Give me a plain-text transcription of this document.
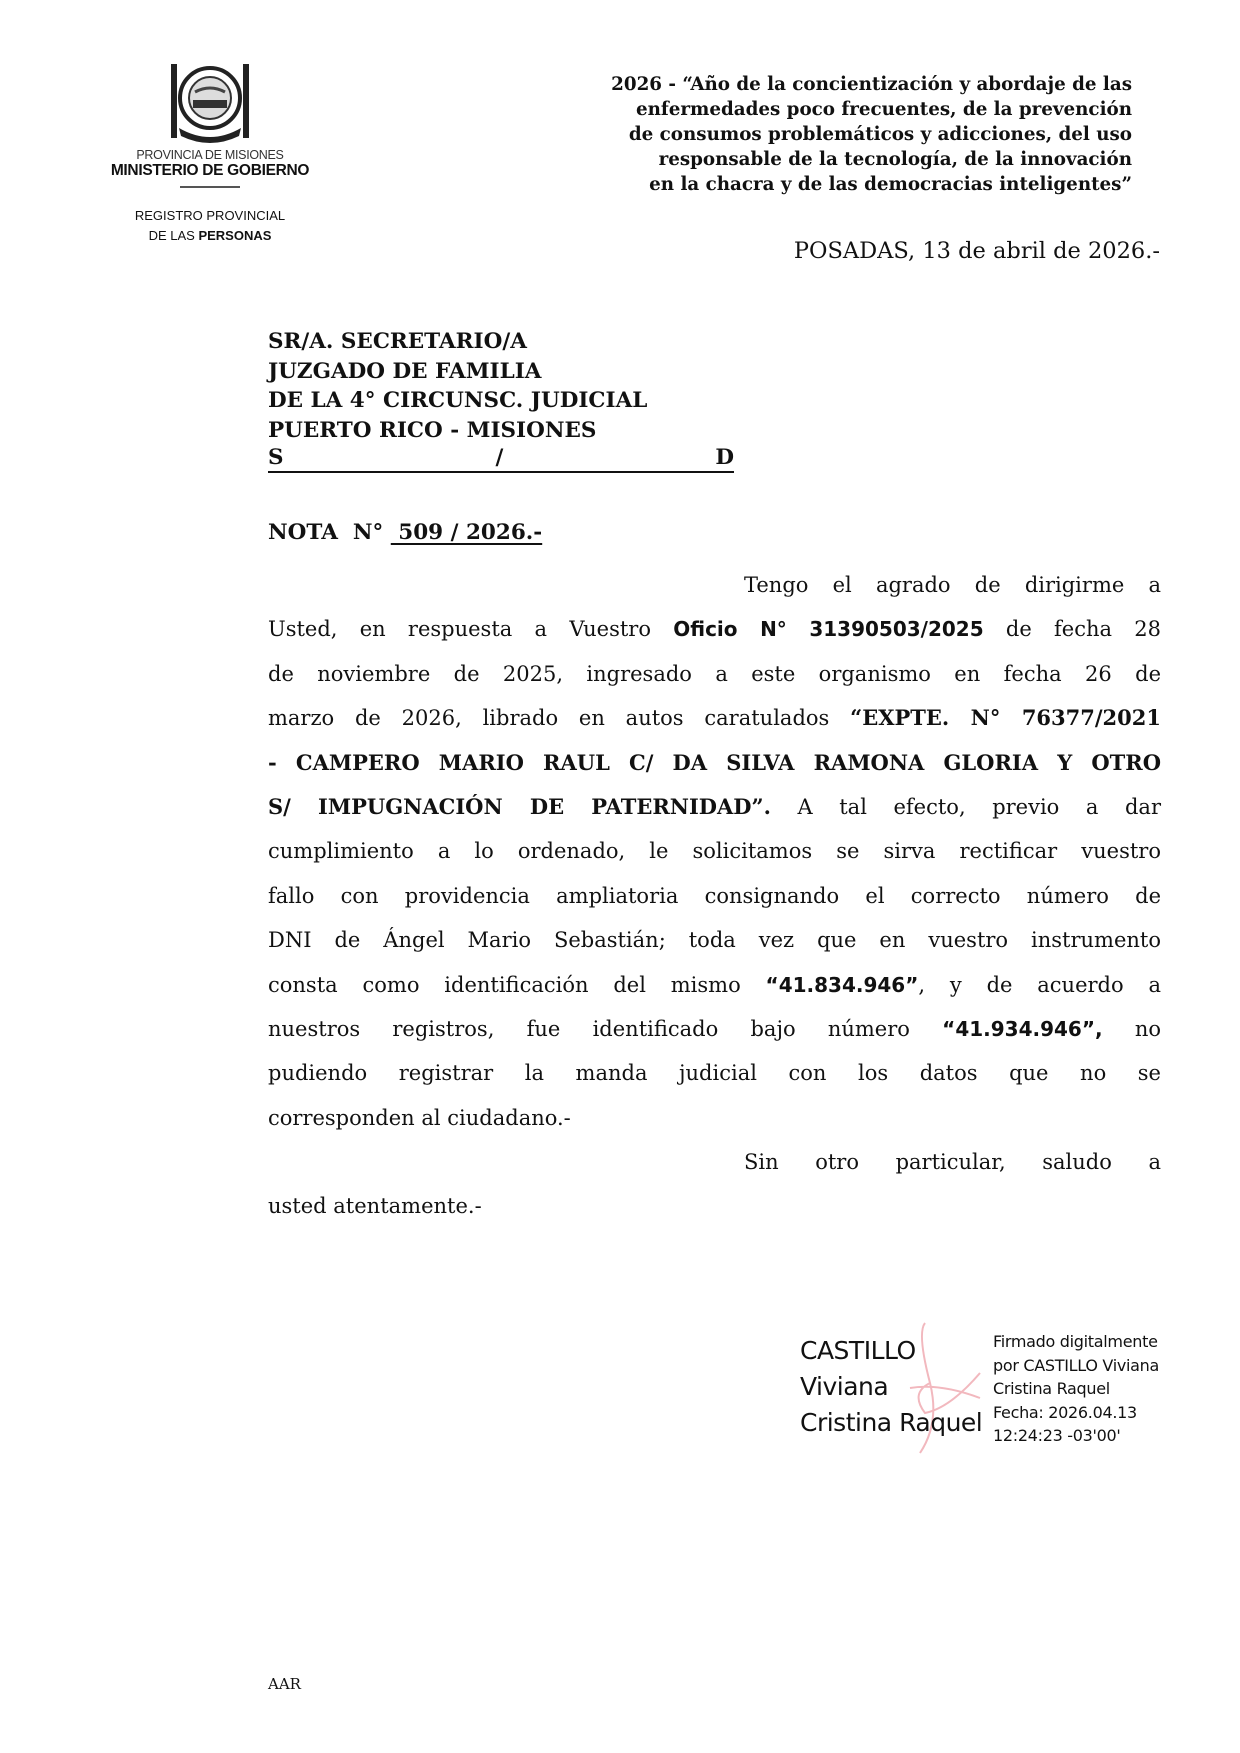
PROVINCIA DE MISIONES
MINISTERIO DE GOBIERNO
REGISTRO PROVINCIAL
DE LAS PERSONAS
2026 - “Año de la concientización y abordaje de las
enfermedades poco frecuentes, de la prevención
de consumos problemáticos y adicciones, del uso
responsable de la tecnología, de la innovación
en la chacra y de las democracias inteligentes”
POSADAS, 13 de abril de 2026.-
SR/A. SECRETARIO/A
JUZGADO DE FAMILIA
DE LA 4° CIRCUNSC. JUDICIAL
PUERTO RICO - MISIONES
S	/	D
NOTA  N°  509 / 2026.-
Tengo el agrado de dirigirme a
Usted, en respuesta a Vuestro Oficio N° 31390503/2025 de fecha 28
de noviembre de 2025, ingresado a este organismo en fecha 26 de
marzo de 2026, librado en autos caratulados “EXPTE. N° 76377/2021
- CAMPERO MARIO RAUL C/ DA SILVA RAMONA GLORIA Y OTRO
S/ IMPUGNACIÓN DE PATERNIDAD”. A tal efecto, previo a dar
cumplimiento a lo ordenado, le solicitamos se sirva rectificar vuestro
fallo con providencia ampliatoria consignando el correcto número de
DNI de Ángel Mario Sebastián; toda vez que en vuestro instrumento
consta como identificación del mismo “41.834.946”, y de acuerdo a
nuestros registros, fue identificado bajo número “41.934.946”, no
pudiendo registrar la manda judicial con los datos que no se
corresponden al ciudadano.-
Sin otro particular, saludo a
usted atentamente.-
CASTILLO
Viviana
Cristina Raquel
Firmado digitalmente
por CASTILLO Viviana
Cristina Raquel
Fecha: 2026.04.13
12:24:23 -03'00'
AAR
